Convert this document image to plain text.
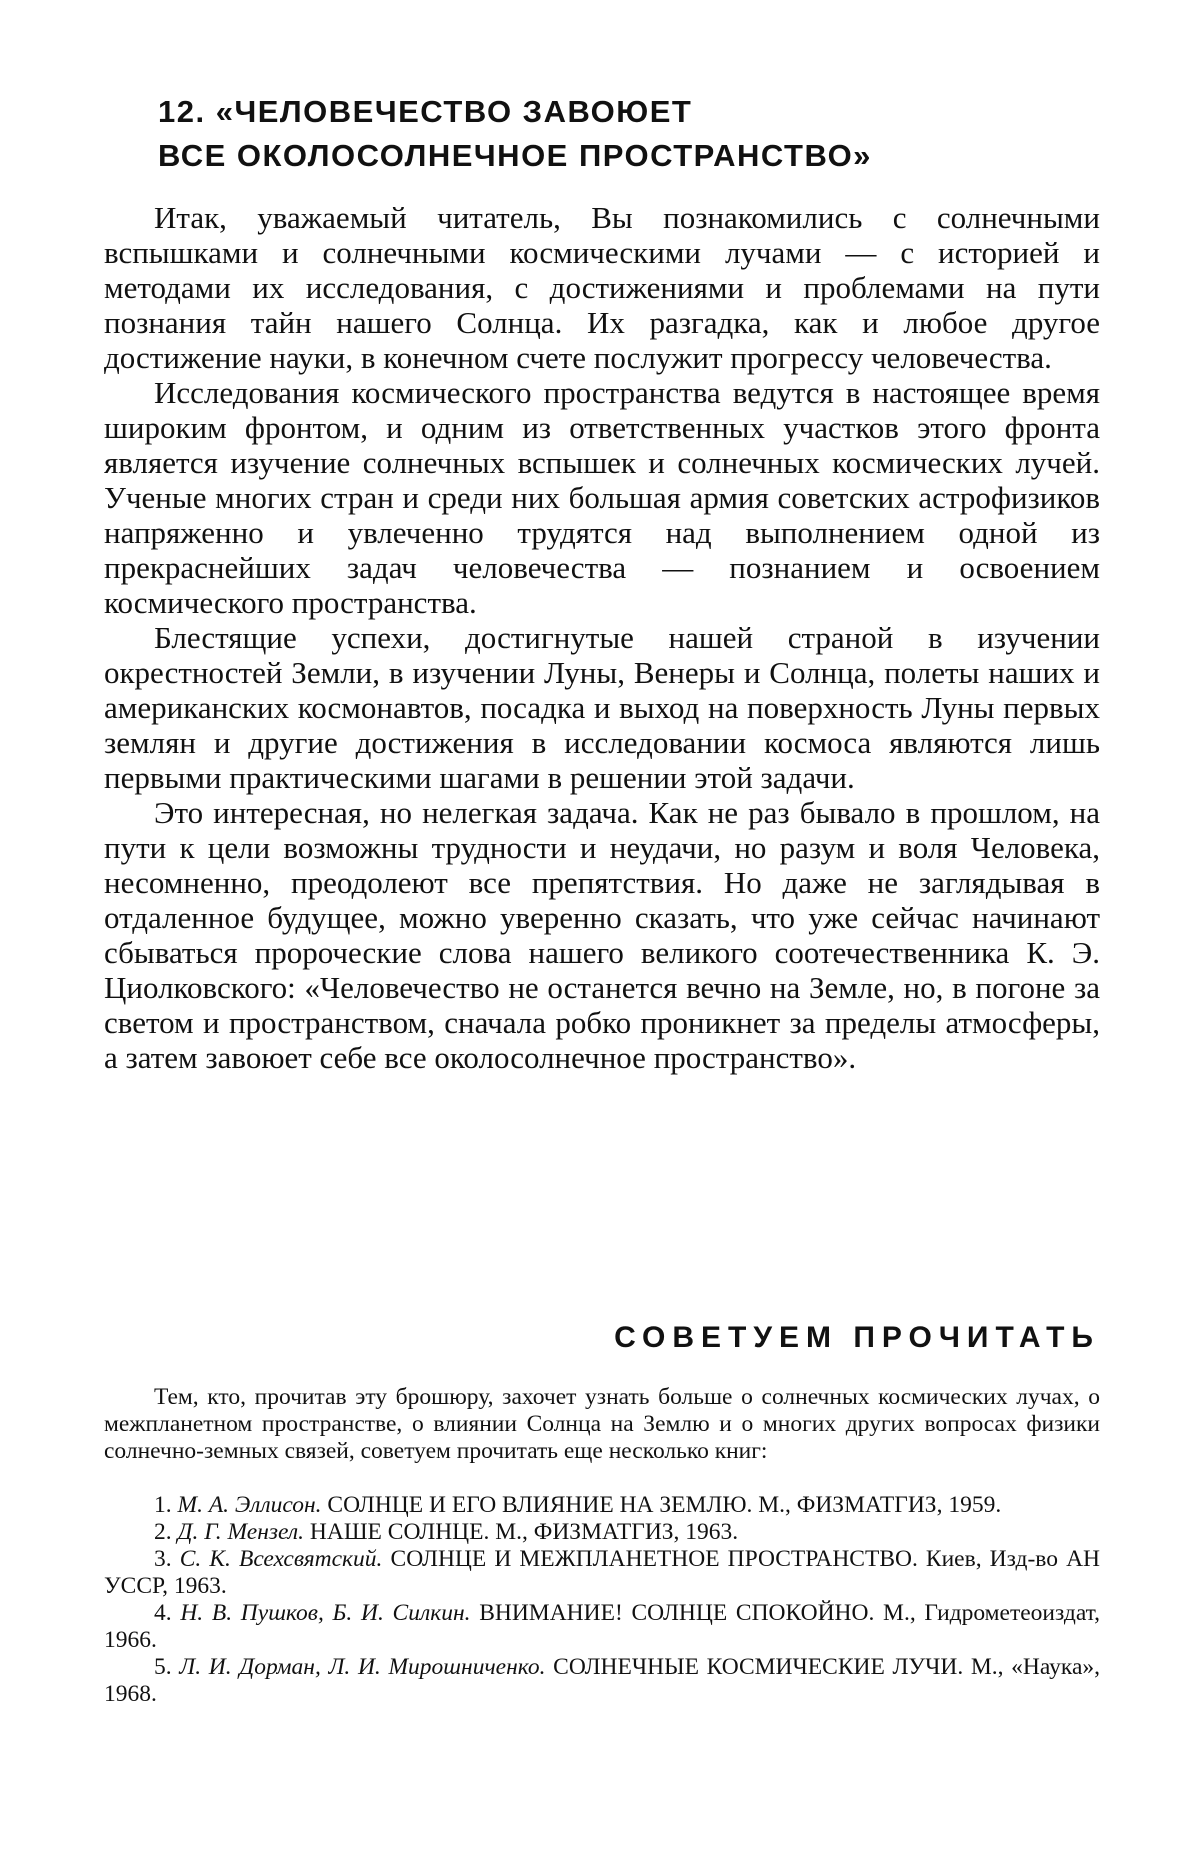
12. «ЧЕЛОВЕЧЕСТВО ЗАВОЮЕТ
ВСЕ ОКОЛОСОЛНЕЧНОЕ ПРОСТРАНСТВО»

Итак, уважаемый читатель, Вы познакомились с солнечными вспышками и солнечными космическими лучами — с историей и методами их исследования, с достижениями и проблемами на пути познания тайн нашего Солнца. Их разгадка, как и любое другое достижение науки, в конечном счете послужит прогрессу человечества.

Исследования космического пространства ведутся в настоящее время широким фронтом, и одним из ответственных участков этого фронта является изучение солнечных вспышек и солнечных космических лучей. Ученые многих стран и среди них большая армия советских астрофизиков напряженно и увлеченно трудятся над выполнением одной из прекраснейших задач человечества — познанием и освоением космического пространства.

Блестящие успехи, достигнутые нашей страной в изучении окрестностей Земли, в изучении Луны, Венеры и Солнца, полеты наших и американских космонавтов, посадка и выход на поверхность Луны первых землян и другие достижения в исследовании космоса являются лишь первыми практическими шагами в решении этой задачи.

Это интересная, но нелегкая задача. Как не раз бывало в прошлом, на пути к цели возможны трудности и неудачи, но разум и воля Человека, несомненно, преодолеют все препятствия. Но даже не заглядывая в отдаленное будущее, можно уверенно сказать, что уже сейчас начинают сбываться пророческие слова нашего великого соотечественника К. Э. Циолковского: «Человечество не останется вечно на Земле, но, в погоне за светом и пространством, сначала робко проникнет за пределы атмосферы, а затем завоюет себе все околосолнечное пространство».

СОВЕТУЕМ ПРОЧИТАТЬ

Тем, кто, прочитав эту брошюру, захочет узнать больше о солнечных космических лучах, о межпланетном пространстве, о влиянии Солнца на Землю и о многих других вопросах физики солнечно-земных связей, советуем прочитать еще несколько книг:

1. М. А. Эллисон. СОЛНЦЕ И ЕГО ВЛИЯНИЕ НА ЗЕМЛЮ. М., ФИЗМАТГИЗ, 1959.
2. Д. Г. Мензел. НАШЕ СОЛНЦЕ. М., ФИЗМАТГИЗ, 1963.
3. С. К. Всехсвятский. СОЛНЦЕ И МЕЖПЛАНЕТНОЕ ПРОСТРАНСТВО. Киев, Изд-во АН УССР, 1963.
4. Н. В. Пушков, Б. И. Силкин. ВНИМАНИЕ! СОЛНЦЕ СПОКОЙНО. М., Гидрометеоиздат, 1966.
5. Л. И. Дорман, Л. И. Мирошниченко. СОЛНЕЧНЫЕ КОСМИЧЕСКИЕ ЛУЧИ. М., «Наука», 1968.
